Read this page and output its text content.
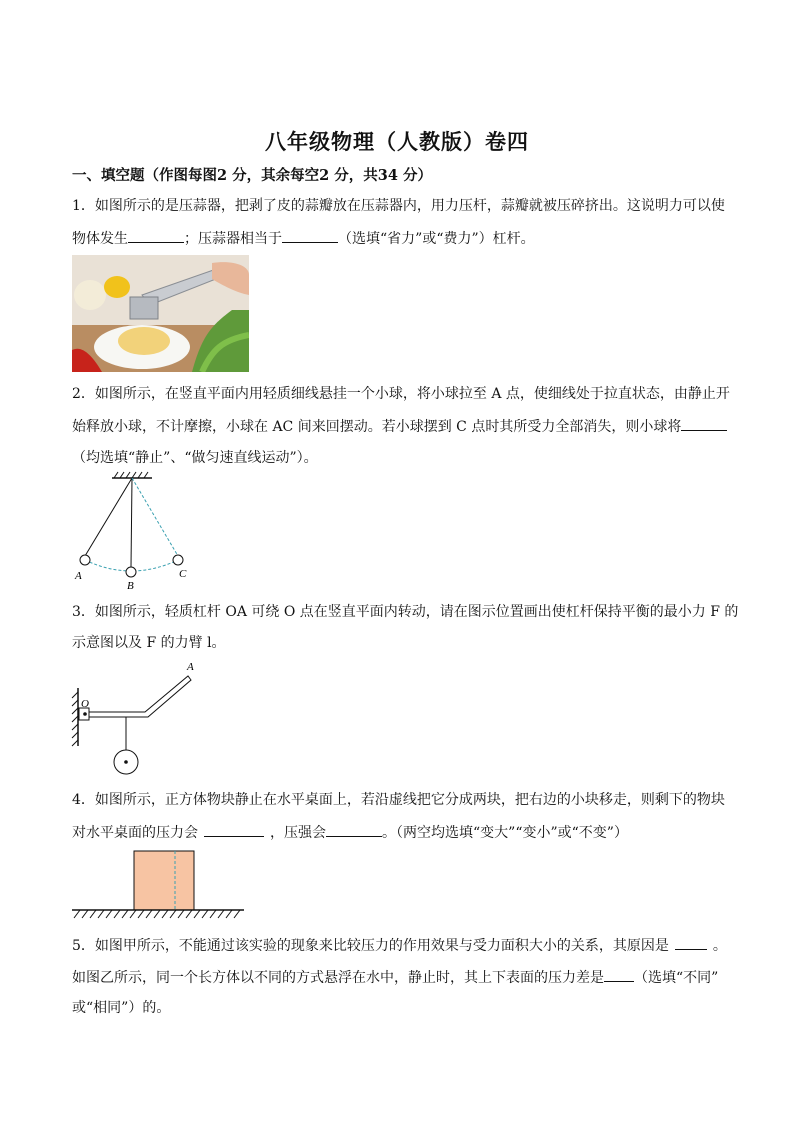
八年级物理（人教版）卷四
一、填空题（作图每图2 分，其余每空2 分，共34 分）
1．如图所示的是压蒜器，把剥了皮的蒜瓣放在压蒜器内，用力压杆，蒜瓣就被压碎挤出。这说明力可以使
物体发生	；压蒜器相当于	（选填“省力”或“费力”）杠杆。
2．如图所示，在竖直平面内用轻质细线悬挂一个小球，将小球拉至 A 点，使细线处于拉直状态，由静止开
始释放小球，不计摩擦，小球在 AC 间来回摆动。若小球摆到 C 点时其所受力全部消失，则小球将
（均选填“静止”、“做匀速直线运动”）。
A
B
C
3．如图所示，轻质杠杆 OA 可绕 O 点在竖直平面内转动，请在图示位置画出使杠杆保持平衡的最小力 F 的
示意图以及 F 的力臂 l。
O
A
4．如图所示，正方体物块静止在水平桌面上，若沿虚线把它分成两块，把右边的小块移走，则剩下的物块
对水平桌面的压力会	，压强会	。（两空均选填“变大”“变小”或“不变”）
5．如图甲所示，不能通过该实验的现象来比较压力的作用效果与受力面积大小的关系，其原因是	。
如图乙所示，同一个长方体以不同的方式悬浮在水中，静止时，其上下表面的压力差是 （选填“不同”
或“相同”）的。
